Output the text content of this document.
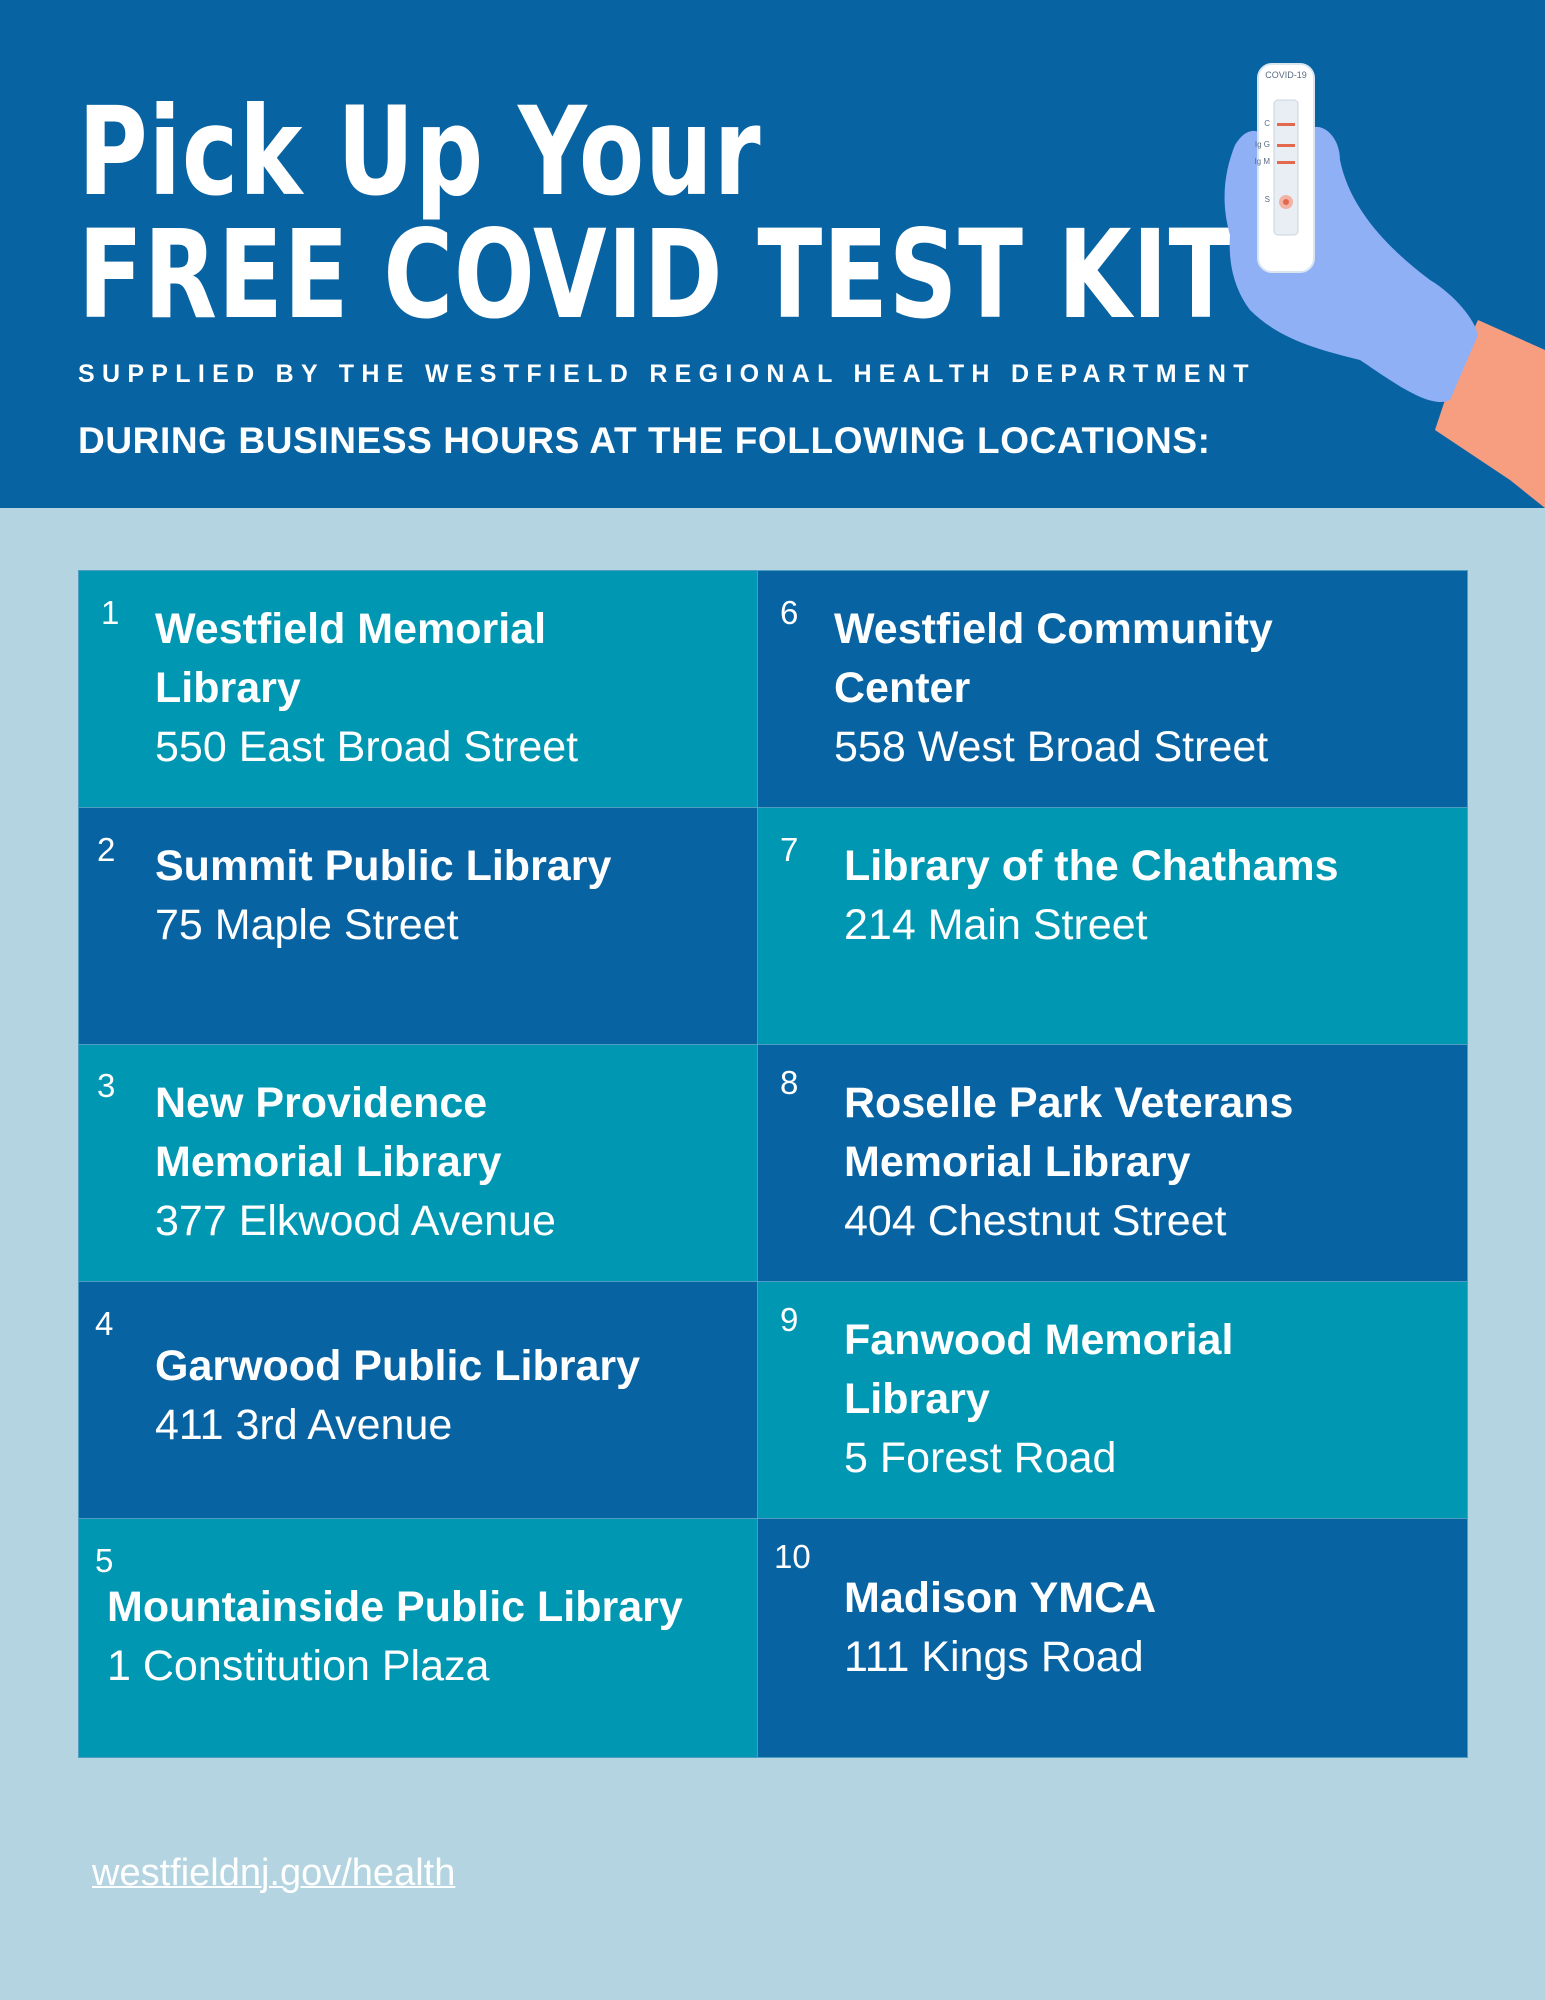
Pick Up Your
FREE COVID TEST KIT
SUPPLIED BY THE WESTFIELD REGIONAL HEALTH DEPARTMENT
DURING BUSINESS HOURS AT THE FOLLOWING LOCATIONS:
COVID-19
C
Ig G
Ig M
S
1 Westfield Memorial
Library
550 East Broad Street
2 Summit Public Library
75 Maple Street
3 New Providence
Memorial Library
377 Elkwood Avenue
4
Garwood Public Library
411 3rd Avenue
5
Mountainside Public Library
1 Constitution Plaza
6 Westfield Community
Center
558 West Broad Street
7 Library of the Chathams
214 Main Street
8 Roselle Park Veterans
Memorial Library
404 Chestnut Street
9 Fanwood Memorial
Library
5 Forest Road
10
Madison YMCA
111 Kings Road
westfieldnj.gov/health
